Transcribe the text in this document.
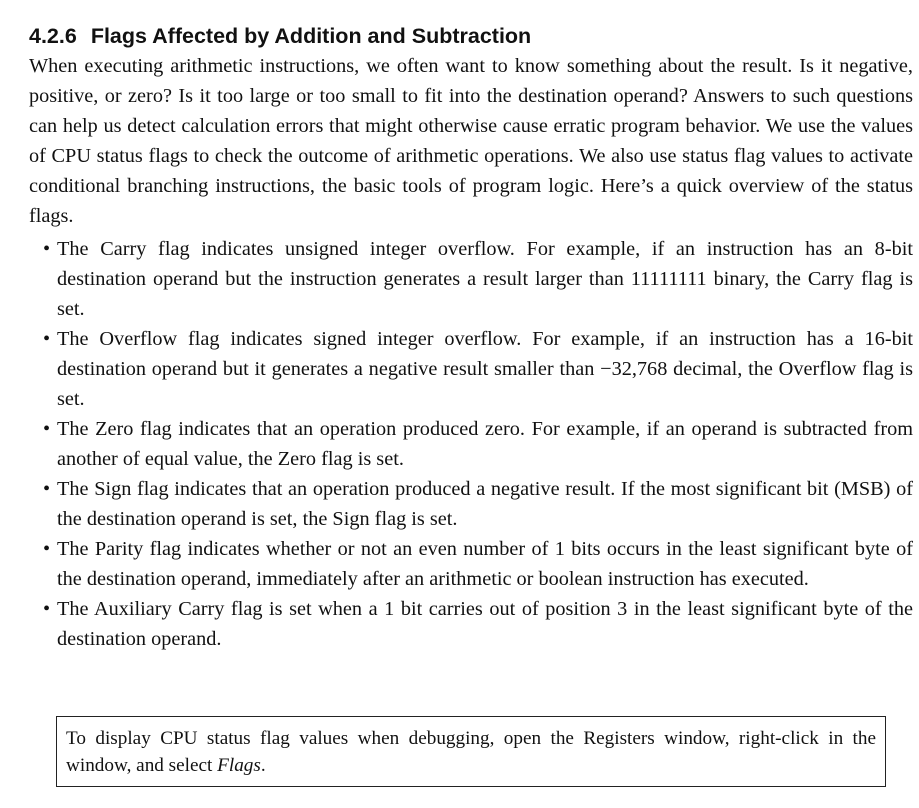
4.2.6 Flags Affected by Addition and Subtraction

When executing arithmetic instructions, we often want to know something about the result. Is it negative, positive, or zero? Is it too large or too small to fit into the destination operand? Answers to such questions can help us detect calculation errors that might otherwise cause erratic program behavior. We use the values of CPU status flags to check the outcome of arithmetic operations. We also use status flag values to activate conditional branching instructions, the basic tools of program logic. Here’s a quick overview of the status flags.

• The Carry flag indicates unsigned integer overflow. For example, if an instruction has an 8-bit destination operand but the instruction generates a result larger than 11111111 binary, the Carry flag is set.
• The Overflow flag indicates signed integer overflow. For example, if an instruction has a 16-bit destination operand but it generates a negative result smaller than −32,768 decimal, the Overflow flag is set.
• The Zero flag indicates that an operation produced zero. For example, if an operand is subtracted from another of equal value, the Zero flag is set.
• The Sign flag indicates that an operation produced a negative result. If the most significant bit (MSB) of the destination operand is set, the Sign flag is set.
• The Parity flag indicates whether or not an even number of 1 bits occurs in the least significant byte of the destination operand, immediately after an arithmetic or boolean instruction has executed.
• The Auxiliary Carry flag is set when a 1 bit carries out of position 3 in the least significant byte of the destination operand.
To display CPU status flag values when debugging, open the Registers window, right-click in the window, and select Flags.
